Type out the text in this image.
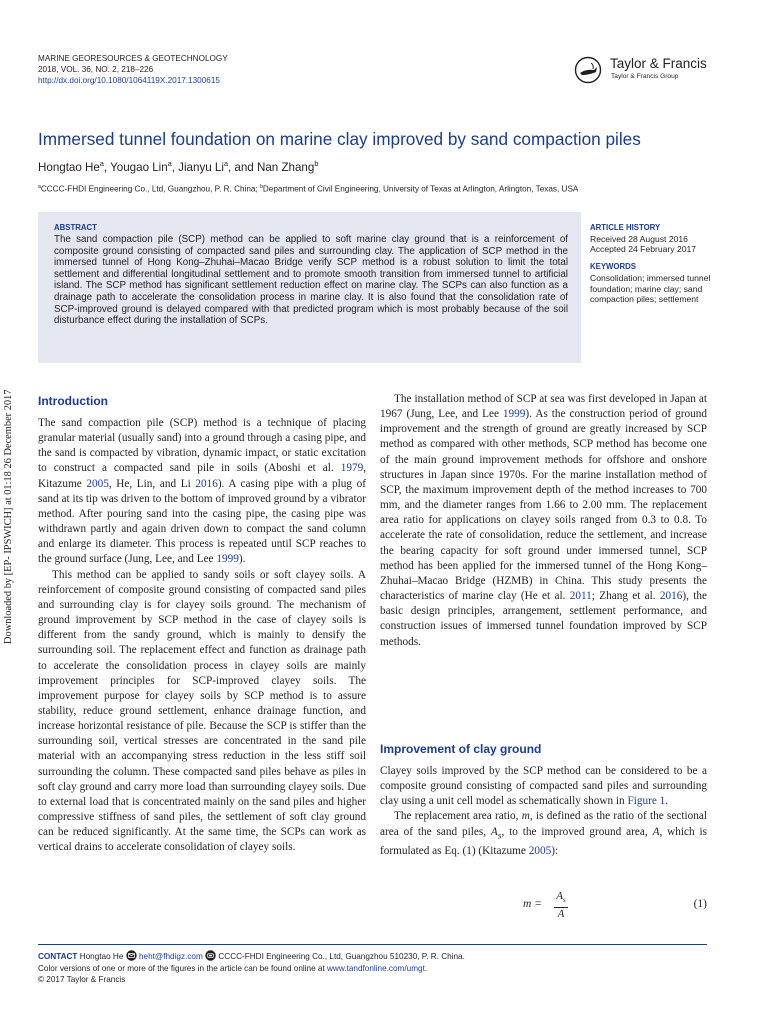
MARINE GEORESOURCES & GEOTECHNOLOGY
2018, VOL. 36, NO. 2, 218–226
http://dx.doi.org/10.1080/1064119X.2017.1300615
Taylor & Francis
Taylor & Francis Group
Immersed tunnel foundation on marine clay improved by sand compaction piles
Hongtao He$^a$, Yougao Lin$^a$, Jianyu Li$^a$, and Nan Zhang$^b$
$^a$CCCC-FHDI Engineering Co., Ltd, Guangzhou, P. R. China; $^b$Department of Civil Engineering, University of Texas at Arlington, Arlington, Texas, USA
ABSTRACT
The sand compaction pile (SCP) method can be applied to soft marine clay ground that is a reinforcement of composite ground consisting of compacted sand piles and surrounding clay. The application of SCP method in the immersed tunnel of Hong Kong–Zhuhai–Macao Bridge verify SCP method is a robust solution to limit the total settlement and differential longitudinal settlement and to promote smooth transition from immersed tunnel to artificial island. The SCP method has significant settlement reduction effect on marine clay. The SCPs can also function as a drainage path to accelerate the consolidation process in marine clay. It is also found that the consolidation rate of SCP-improved ground is delayed compared with that predicted program which is most probably because of the soil disturbance effect during the installation of SCPs.
ARTICLE HISTORY
Received 28 August 2016
Accepted 24 February 2017
KEYWORDS
Consolidation; immersed tunnel foundation; marine clay; sand compaction piles; settlement
Downloaded by [EP- IPSWICH] at 01:18 26 December 2017 Introduction

The sand compaction pile (SCP) method is a technique of placing granular material (usually sand) into a ground through a casing pipe, and the sand is compacted by vibration, dynamic impact, or static excitation to construct a compacted sand pile in soils (Aboshi et al. 1979, Kitazume 2005, He, Lin, and Li 2016). A casing pipe with a plug of sand at its tip was driven to the bottom of improved ground by a vibrator method. After pouring sand into the casing pipe, the casing pipe was withdrawn partly and again driven down to compact the sand column and enlarge its diameter. This process is repeated until SCP reaches to the ground surface (Jung, Lee, and Lee 1999).

This method can be applied to sandy soils or soft clayey soils. A reinforcement of composite ground consisting of compacted sand piles and surrounding clay is for clayey soils ground. The mechanism of ground improvement by SCP method in the case of clayey soils is different from the sandy ground, which is mainly to densify the surrounding soil. The replacement effect and function as drainage path to accelerate the consolidation process in clayey soils are mainly improvement principles for SCP-improved clayey soils. The improvement purpose for clayey soils by SCP method is to assure stability, reduce ground settlement, enhance drainage function, and increase horizontal resistance of pile. Because the SCP is stiffer than the surrounding soil, vertical stresses are concentrated in the sand pile material with an accompanying stress reduction in the less stiff soil surrounding the column. These compacted sand piles behave as piles in soft clay ground and carry more load than surrounding clayey soils. Due to external load that is concentrated mainly on the sand piles and higher compressive stiffness of sand piles, the settlement of soft clay ground can be reduced significantly. At the same time, the SCPs can work as vertical drains to accelerate consolidation of clayey soils.

The installation method of SCP at sea was first developed in Japan at 1967 (Jung, Lee, and Lee 1999). As the construction period of ground improvement and the strength of ground are greatly increased by SCP method as compared with other methods, SCP method has become one of the main ground improvement methods for offshore and onshore structures in Japan since 1970s. For the marine installation method of SCP, the maximum improvement depth of the method increases to 700 mm, and the diameter ranges from 1.66 to 2.00 mm. The replacement area ratio for applications on clayey soils ranged from 0.3 to 0.8. To accelerate the rate of consolidation, reduce the settlement, and increase the bearing capacity for soft ground under immersed tunnel, SCP method has been applied for the immersed tunnel of the Hong Kong–Zhuhai–Macao Bridge (HZMB) in China. This study presents the characteristics of marine clay (He et al. 2011; Zhang et al. 2016), the basic design principles, arrangement, settlement performance, and construction issues of immersed tunnel foundation improved by SCP methods.

Improvement of clay ground

Clayey soils improved by the SCP method can be considered to be a composite ground consisting of compacted sand piles and surrounding clay using a unit cell model as schematically shown in Figure 1.

The replacement area ratio, m, is defined as the ratio of the sectional area of the sand piles, $A_s$, to the improved ground area, A, which is formulated as Eq. (1) (Kitazume 2005):

$m = \frac{A_s}{A}$	(1)
CONTACT Hongtao He heht@fhdigz.com CCCC-FHDI Engineering Co., Ltd, Guangzhou 510230, P. R. China.
Color versions of one or more of the figures in the article can be found online at www.tandfonline.com/umgt.
© 2017 Taylor & Francis
